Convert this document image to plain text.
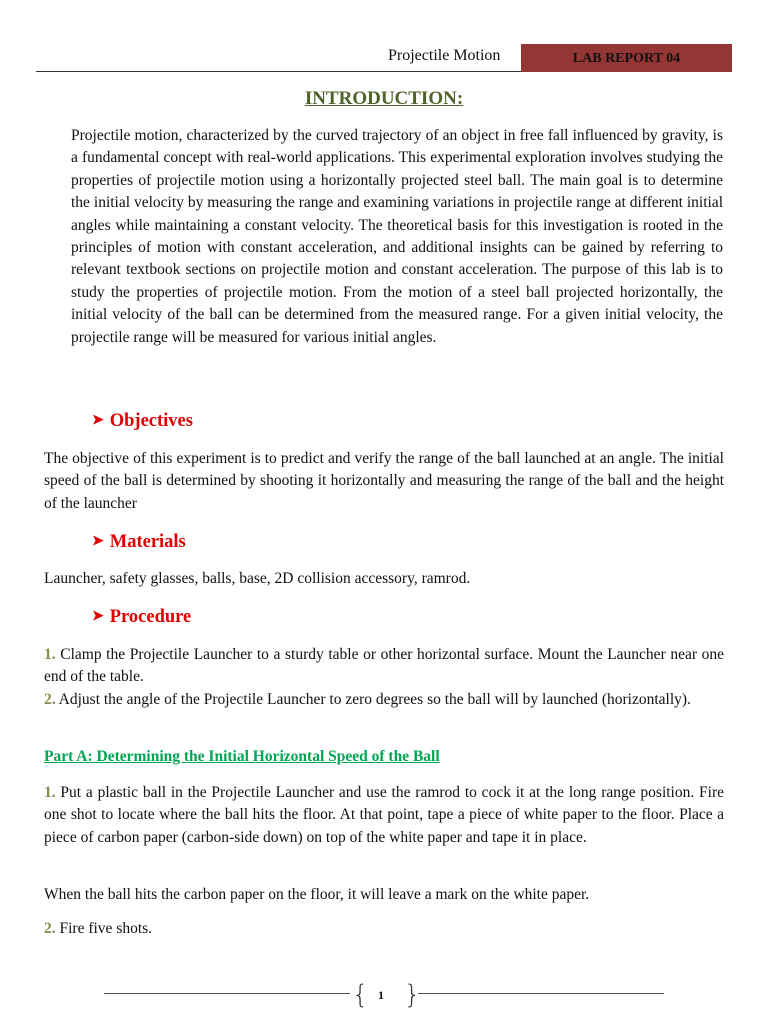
Projectile Motion	LAB REPORT 04
INTRODUCTION:

Projectile motion, characterized by the curved trajectory of an object in free fall influenced by gravity, is a fundamental concept with real-world applications. This experimental exploration involves studying the properties of projectile motion using a horizontally projected steel ball. The main goal is to determine the initial velocity by measuring the range and examining variations in projectile range at different initial angles while maintaining a constant velocity. The theoretical basis for this investigation is rooted in the principles of motion with constant acceleration, and additional insights can be gained by referring to relevant textbook sections on projectile motion and constant acceleration. The purpose of this lab is to study the properties of projectile motion. From the motion of a steel ball projected horizontally, the initial velocity of the ball can be determined from the measured range. For a given initial velocity, the projectile range will be measured for various initial angles.

➤ Objectives

The objective of this experiment is to predict and verify the range of the ball launched at an angle. The initial speed of the ball is determined by shooting it horizontally and measuring the range of the ball and the height of the launcher

➤ Materials

Launcher, safety glasses, balls, base, 2D collision accessory, ramrod.

➤ Procedure

1. Clamp the Projectile Launcher to a sturdy table or other horizontal surface. Mount the Launcher near one end of the table.

2. Adjust the angle of the Projectile Launcher to zero degrees so the ball will by launched (horizontally).

Part A: Determining the Initial Horizontal Speed of the Ball

1. Put a plastic ball in the Projectile Launcher and use the ramrod to cock it at the long range position. Fire one shot to locate where the ball hits the floor. At that point, tape a piece of white paper to the floor. Place a piece of carbon paper (carbon-side down) on top of the white paper and tape it in place.

When the ball hits the carbon paper on the floor, it will leave a mark on the white paper.

2. Fire five shots.

{ 1 }
